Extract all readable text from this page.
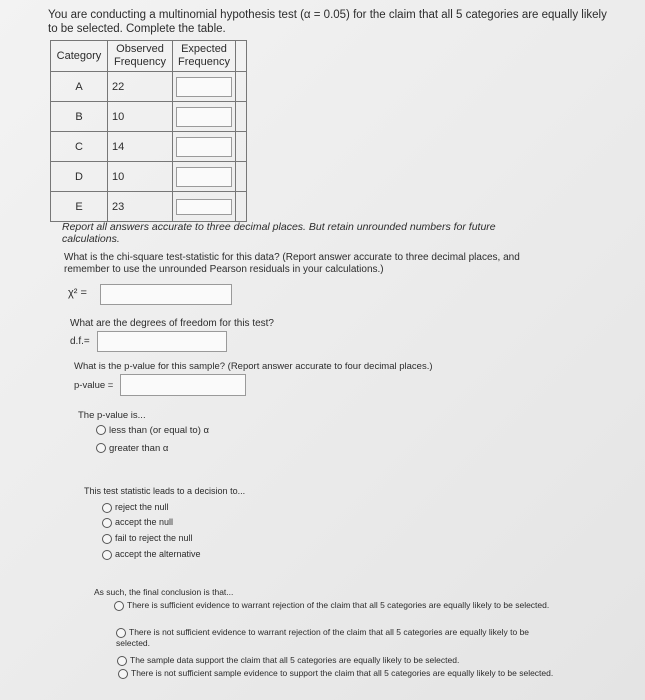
You are conducting a multinomial hypothesis test (α = 0.05) for the claim that all 5 categories are equally likely to be selected. Complete the table.
Category	Observed Frequency	Expected Frequency	
A	22		
B	10		
C	14		
D	10		
E	23		
Report all answers accurate to three decimal places. But retain unrounded numbers for future calculations.
What is the chi-square test-statistic for this data? (Report answer accurate to three decimal places, and remember to use the unrounded Pearson residuals in your calculations.)
χ² =
What are the degrees of freedom for this test?
d.f.=
What is the p-value for this sample? (Report answer accurate to four decimal places.)
p-value =
The p-value is...
less than (or equal to) α
greater than α
This test statistic leads to a decision to...
reject the null
accept the null
fail to reject the null
accept the alternative
As such, the final conclusion is that...
There is sufficient evidence to warrant rejection of the claim that all 5 categories are equally likely to be selected.
There is not sufficient evidence to warrant rejection of the claim that all 5 categories are equally likely to be selected.
The sample data support the claim that all 5 categories are equally likely to be selected.
There is not sufficient sample evidence to support the claim that all 5 categories are equally likely to be selected.
